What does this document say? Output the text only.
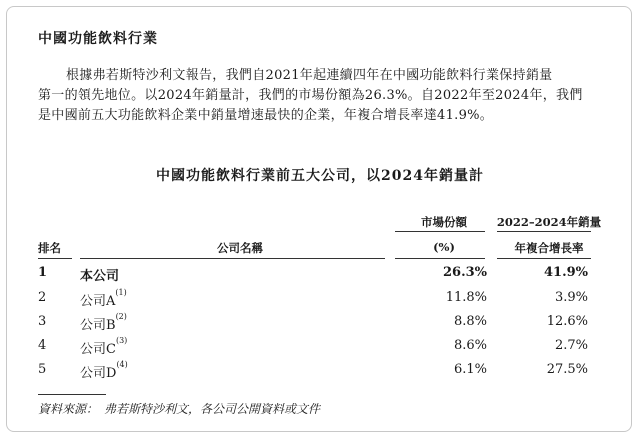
中國功能飲料行業

根據弗若斯特沙利文報告，我們自2021年起連續四年在中國功能飲料行業保持銷量

第一的領先地位。以2024年銷量計，我們的市場份額為26.3%。自2022年至2024年，我們

是中國前五大功能飲料企業中銷量增速最快的企業，年複合增長率達41.9%。

中國功能飲料行業前五大公司，以2024年銷量計
市場份額	2022–2024年銷量
排名	公司名稱	(%)	年複合增長率
1	本公司	26.3%	41.9%
2	公司$A^{(1)}$	11.8%	3.9%
3	公司$B^{(2)}$	8.8%	12.6%
4	公司$C^{(3)}$	8.6%	2.7%
5	公司$D^{(4)}$	6.1%	27.5%
資料來源：　弗若斯特沙利文，各公司公開資料或文件
